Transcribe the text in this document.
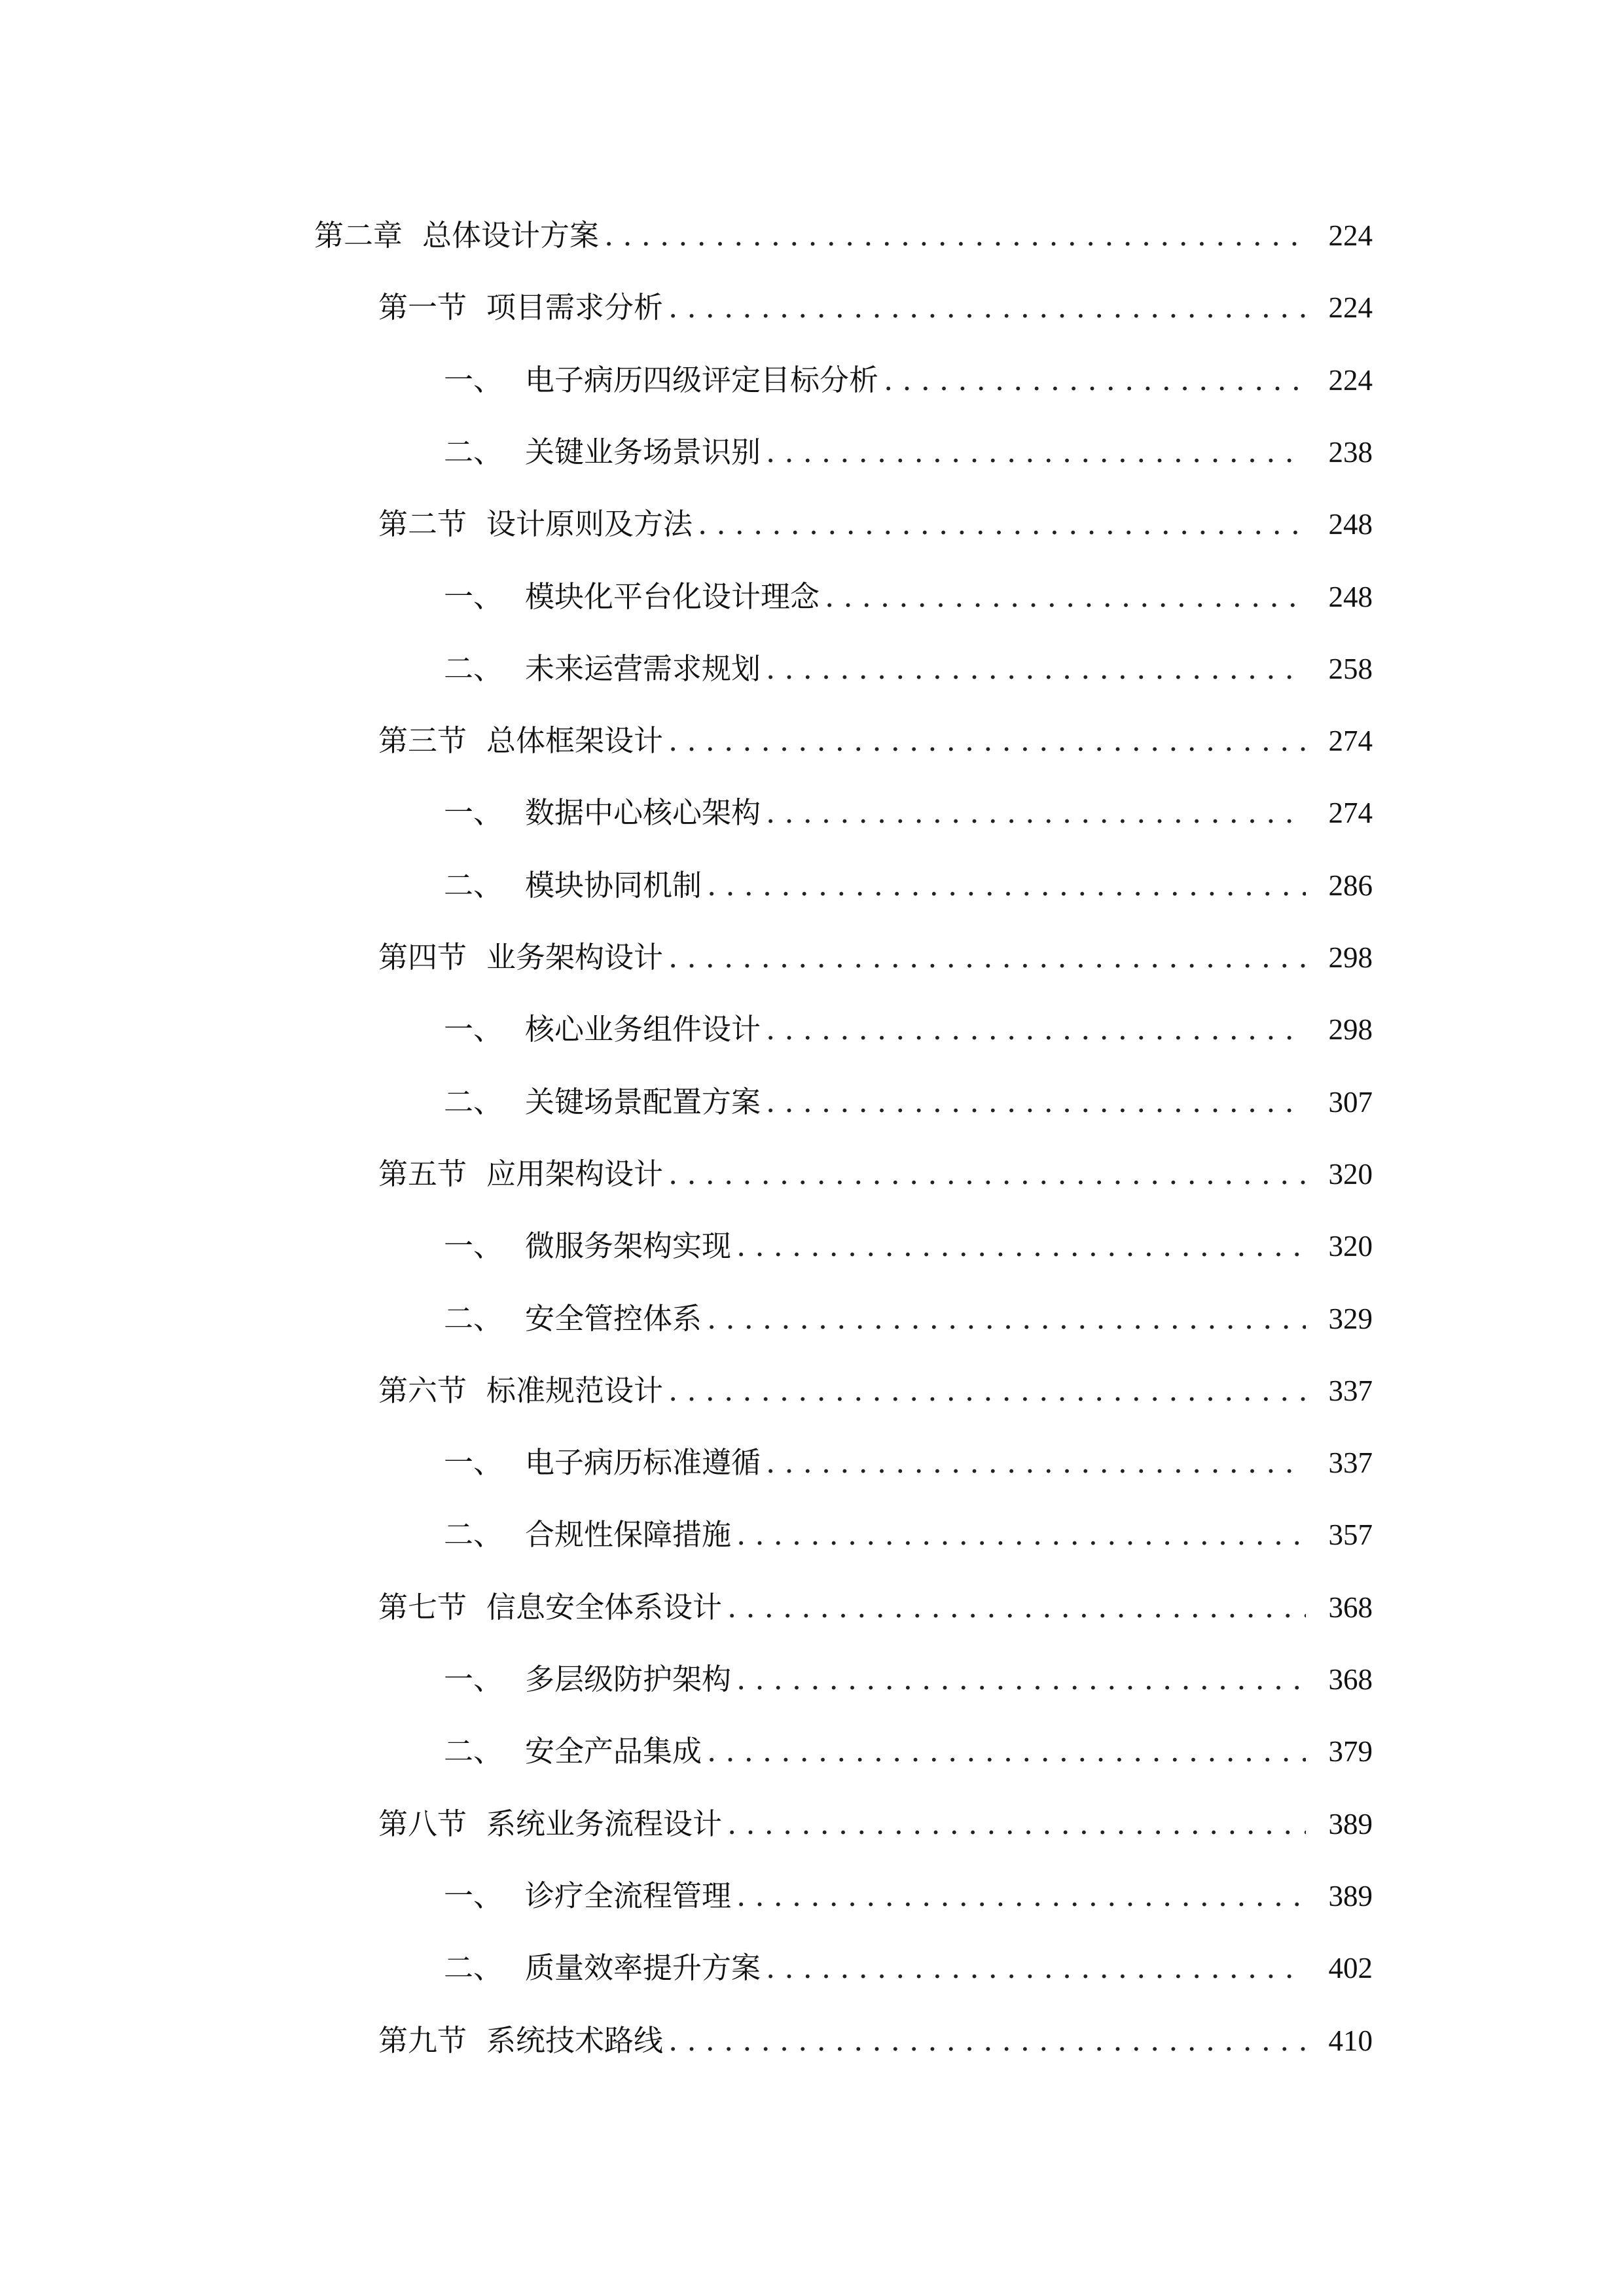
第二章 总体设计方案 .....	224
第一节 项目需求分析 .....	224
一、 电子病历四级评定目标分析 .....	224
二、 关键业务场景识别 .....	238
第二节 设计原则及方法 .....	248
一、 模块化平台化设计理念 .....	248
二、 未来运营需求规划 .....	258
第三节 总体框架设计 .....	274
一、 数据中心核心架构 .....	274
二、 模块协同机制 .....	286
第四节 业务架构设计 .....	298
一、 核心业务组件设计 .....	298
二、 关键场景配置方案 .....	307
第五节 应用架构设计 .....	320
一、 微服务架构实现 .....	320
二、 安全管控体系 .....	329
第六节 标准规范设计 .....	337
一、 电子病历标准遵循 .....	337
二、 合规性保障措施 .....	357
第七节 信息安全体系设计 .....	368
一、 多层级防护架构 .....	368
二、 安全产品集成 .....	379
第八节 系统业务流程设计 .....	389
一、 诊疗全流程管理 .....	389
二、 质量效率提升方案 .....	402
第九节 系统技术路线 .....	410
